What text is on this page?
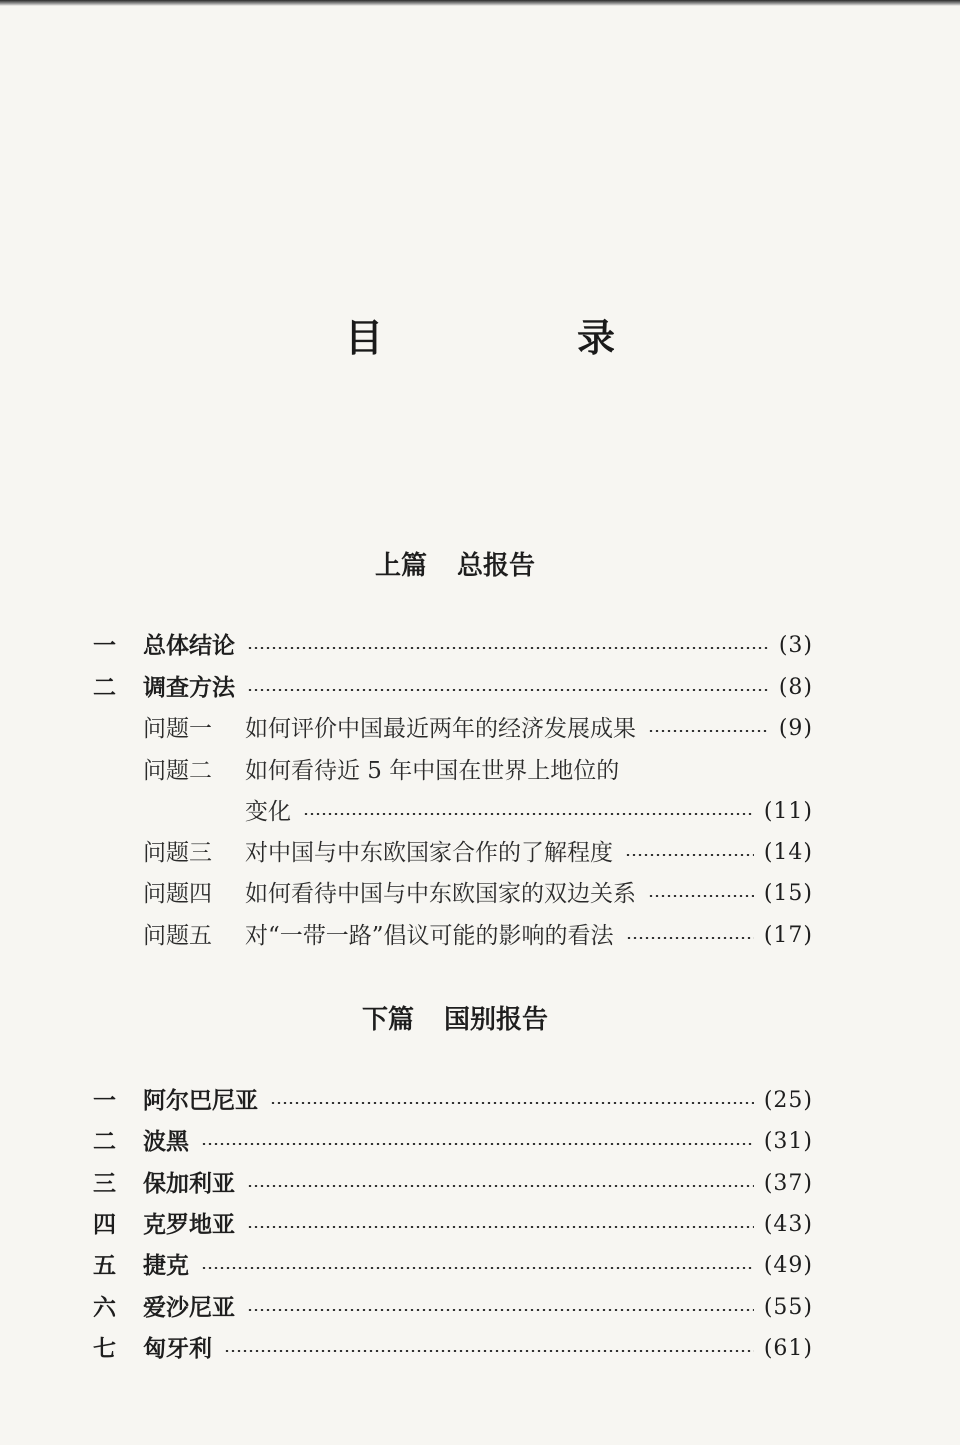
目　录
上篇 总报告
一	总体结论	(3)
二	调查方法	(8)
问题一	如何评价中国最近两年的经济发展成果	(9)
问题二	如何看待近 5 年中国在世界上地位的
变化	(11)
问题三	对中国与中东欧国家合作的了解程度	(14)
问题四	如何看待中国与中东欧国家的双边关系	(15)
问题五	对“一带一路”倡议可能的影响的看法	(17)
下篇 国别报告
一	阿尔巴尼亚	(25)
二	波黑	(31)
三	保加利亚	(37)
四	克罗地亚	(43)
五	捷克	(49)
六	爱沙尼亚	(55)
七	匈牙利	(61)
